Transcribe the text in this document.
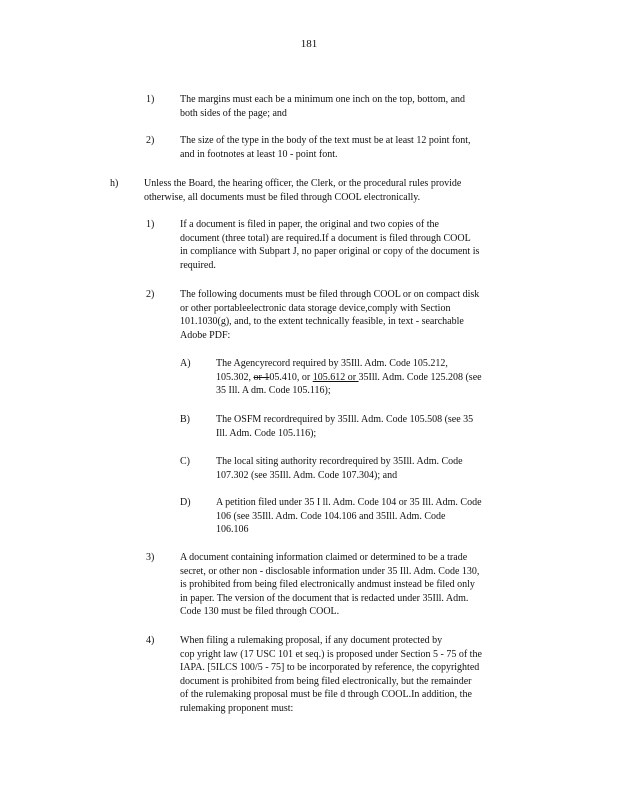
181
1)	The margins must each be a minimum one inch on the top, bottom, and
both sides of the page; and
2)	The size of the type in the body of the text must be at least 12 point font,
and in footnotes at least 10 - point font.
h)	Unless the Board, the hearing officer, the Clerk, or the procedural rules provide
otherwise, all documents must be filed through COOL electronically.
1)	If a document is filed in paper, the original and two copies of the
document (three total) are required.If a document is filed through COOL
in compliance with Subpart J, no paper original or copy of the document is
required.
2)	The following documents must be filed through COOL or on compact disk
or other portableelectronic data storage device,comply with Section
101.1030(g), and, to the extent technically feasible, in text - searchable
Adobe PDF:
A)	The Agencyrecord required by 35Ill. Adm. Code 105.212,
105.302, or 105.410, or 105.612 or 35Ill. Adm. Code 125.208 (see
35 Ill. A dm. Code 105.116);
B)	The OSFM recordrequired by 35Ill. Adm. Code 105.508 (see 35
Ill. Adm. Code 105.116);
C)	The local siting authority recordrequired by 35Ill. Adm. Code
107.302 (see 35Ill. Adm. Code 107.304); and
D)	A petition filed under 35 I ll. Adm. Code 104 or 35 Ill. Adm. Code
106 (see 35Ill. Adm. Code 104.106 and 35Ill. Adm. Code
106.106
3)	A document containing information claimed or determined to be a trade
secret, or other non - disclosable information under 35 Ill. Adm. Code 130,
is prohibited from being filed electronically andmust instead be filed only
in paper. The version of the document that is redacted under 35Ill. Adm.
Code 130 must be filed through COOL.
4)	When filing a rulemaking proposal, if any document protected by
cop yright law (17 USC 101 et seq.) is proposed under Section 5 - 75 of the
IAPA. [5ILCS 100/5 - 75] to be incorporated by reference, the copyrighted
document is prohibited from being filed electronically, but the remainder
of the rulemaking proposal must be file d through COOL.In addition, the
rulemaking proponent must:
